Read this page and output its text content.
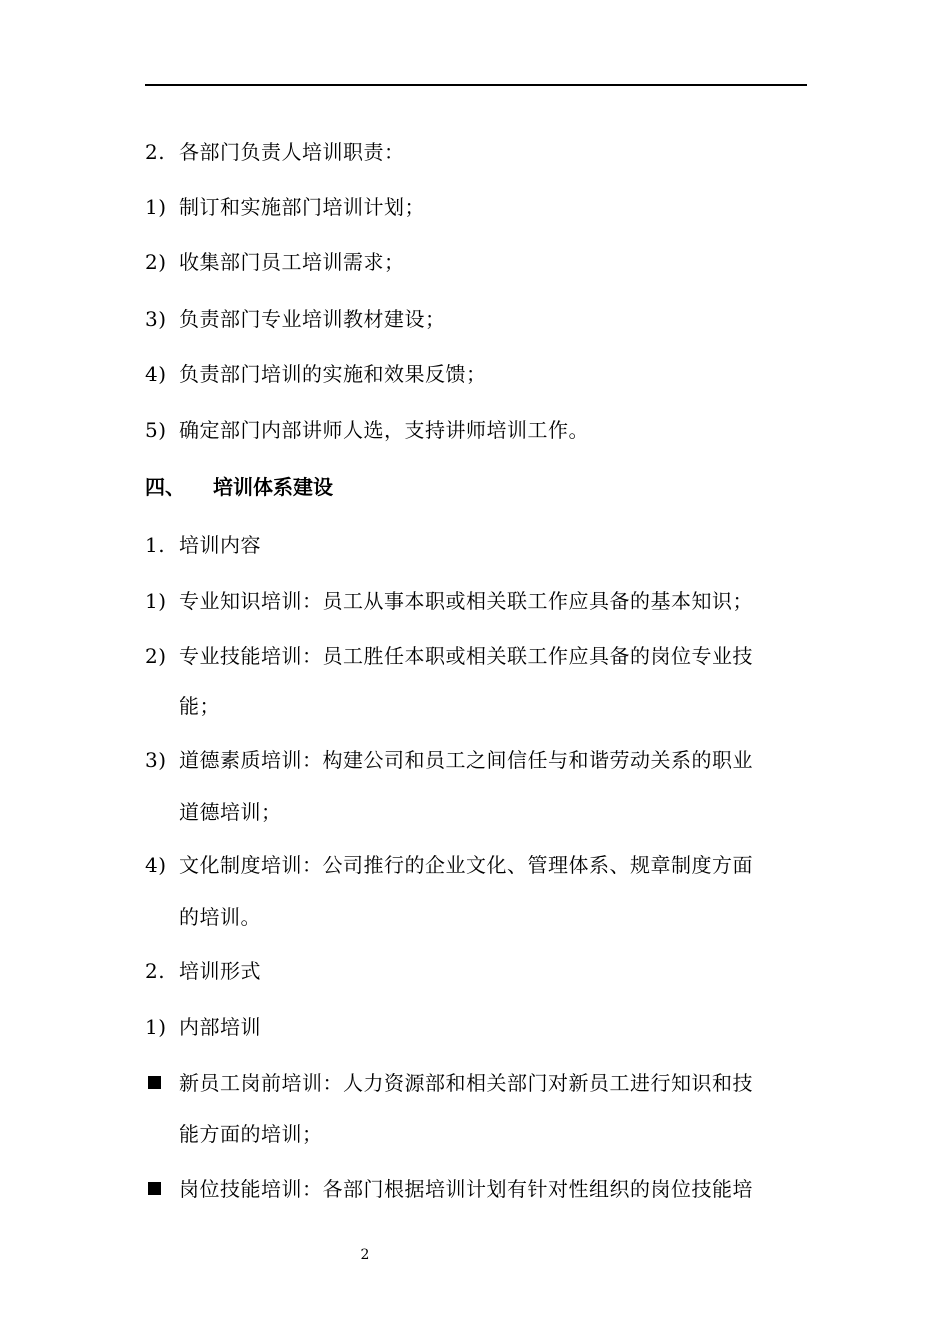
2. 各部门负责人培训职责：
1) 制订和实施部门培训计划；
2) 收集部门员工培训需求；
3) 负责部门专业培训教材建设；
4) 负责部门培训的实施和效果反馈；
5) 确定部门内部讲师人选，支持讲师培训工作。
四、 培训体系建设
1. 培训内容
1) 专业知识培训：员工从事本职或相关联工作应具备的基本知识；
2) 专业技能培训：员工胜任本职或相关联工作应具备的岗位专业技
能；
3) 道德素质培训：构建公司和员工之间信任与和谐劳动关系的职业
道德培训；
4) 文化制度培训：公司推行的企业文化、管理体系、规章制度方面
的培训。
2. 培训形式
1) 内部培训
新员工岗前培训：人力资源部和相关部门对新员工进行知识和技
能方面的培训；
岗位技能培训：各部门根据培训计划有针对性组织的岗位技能培
2
